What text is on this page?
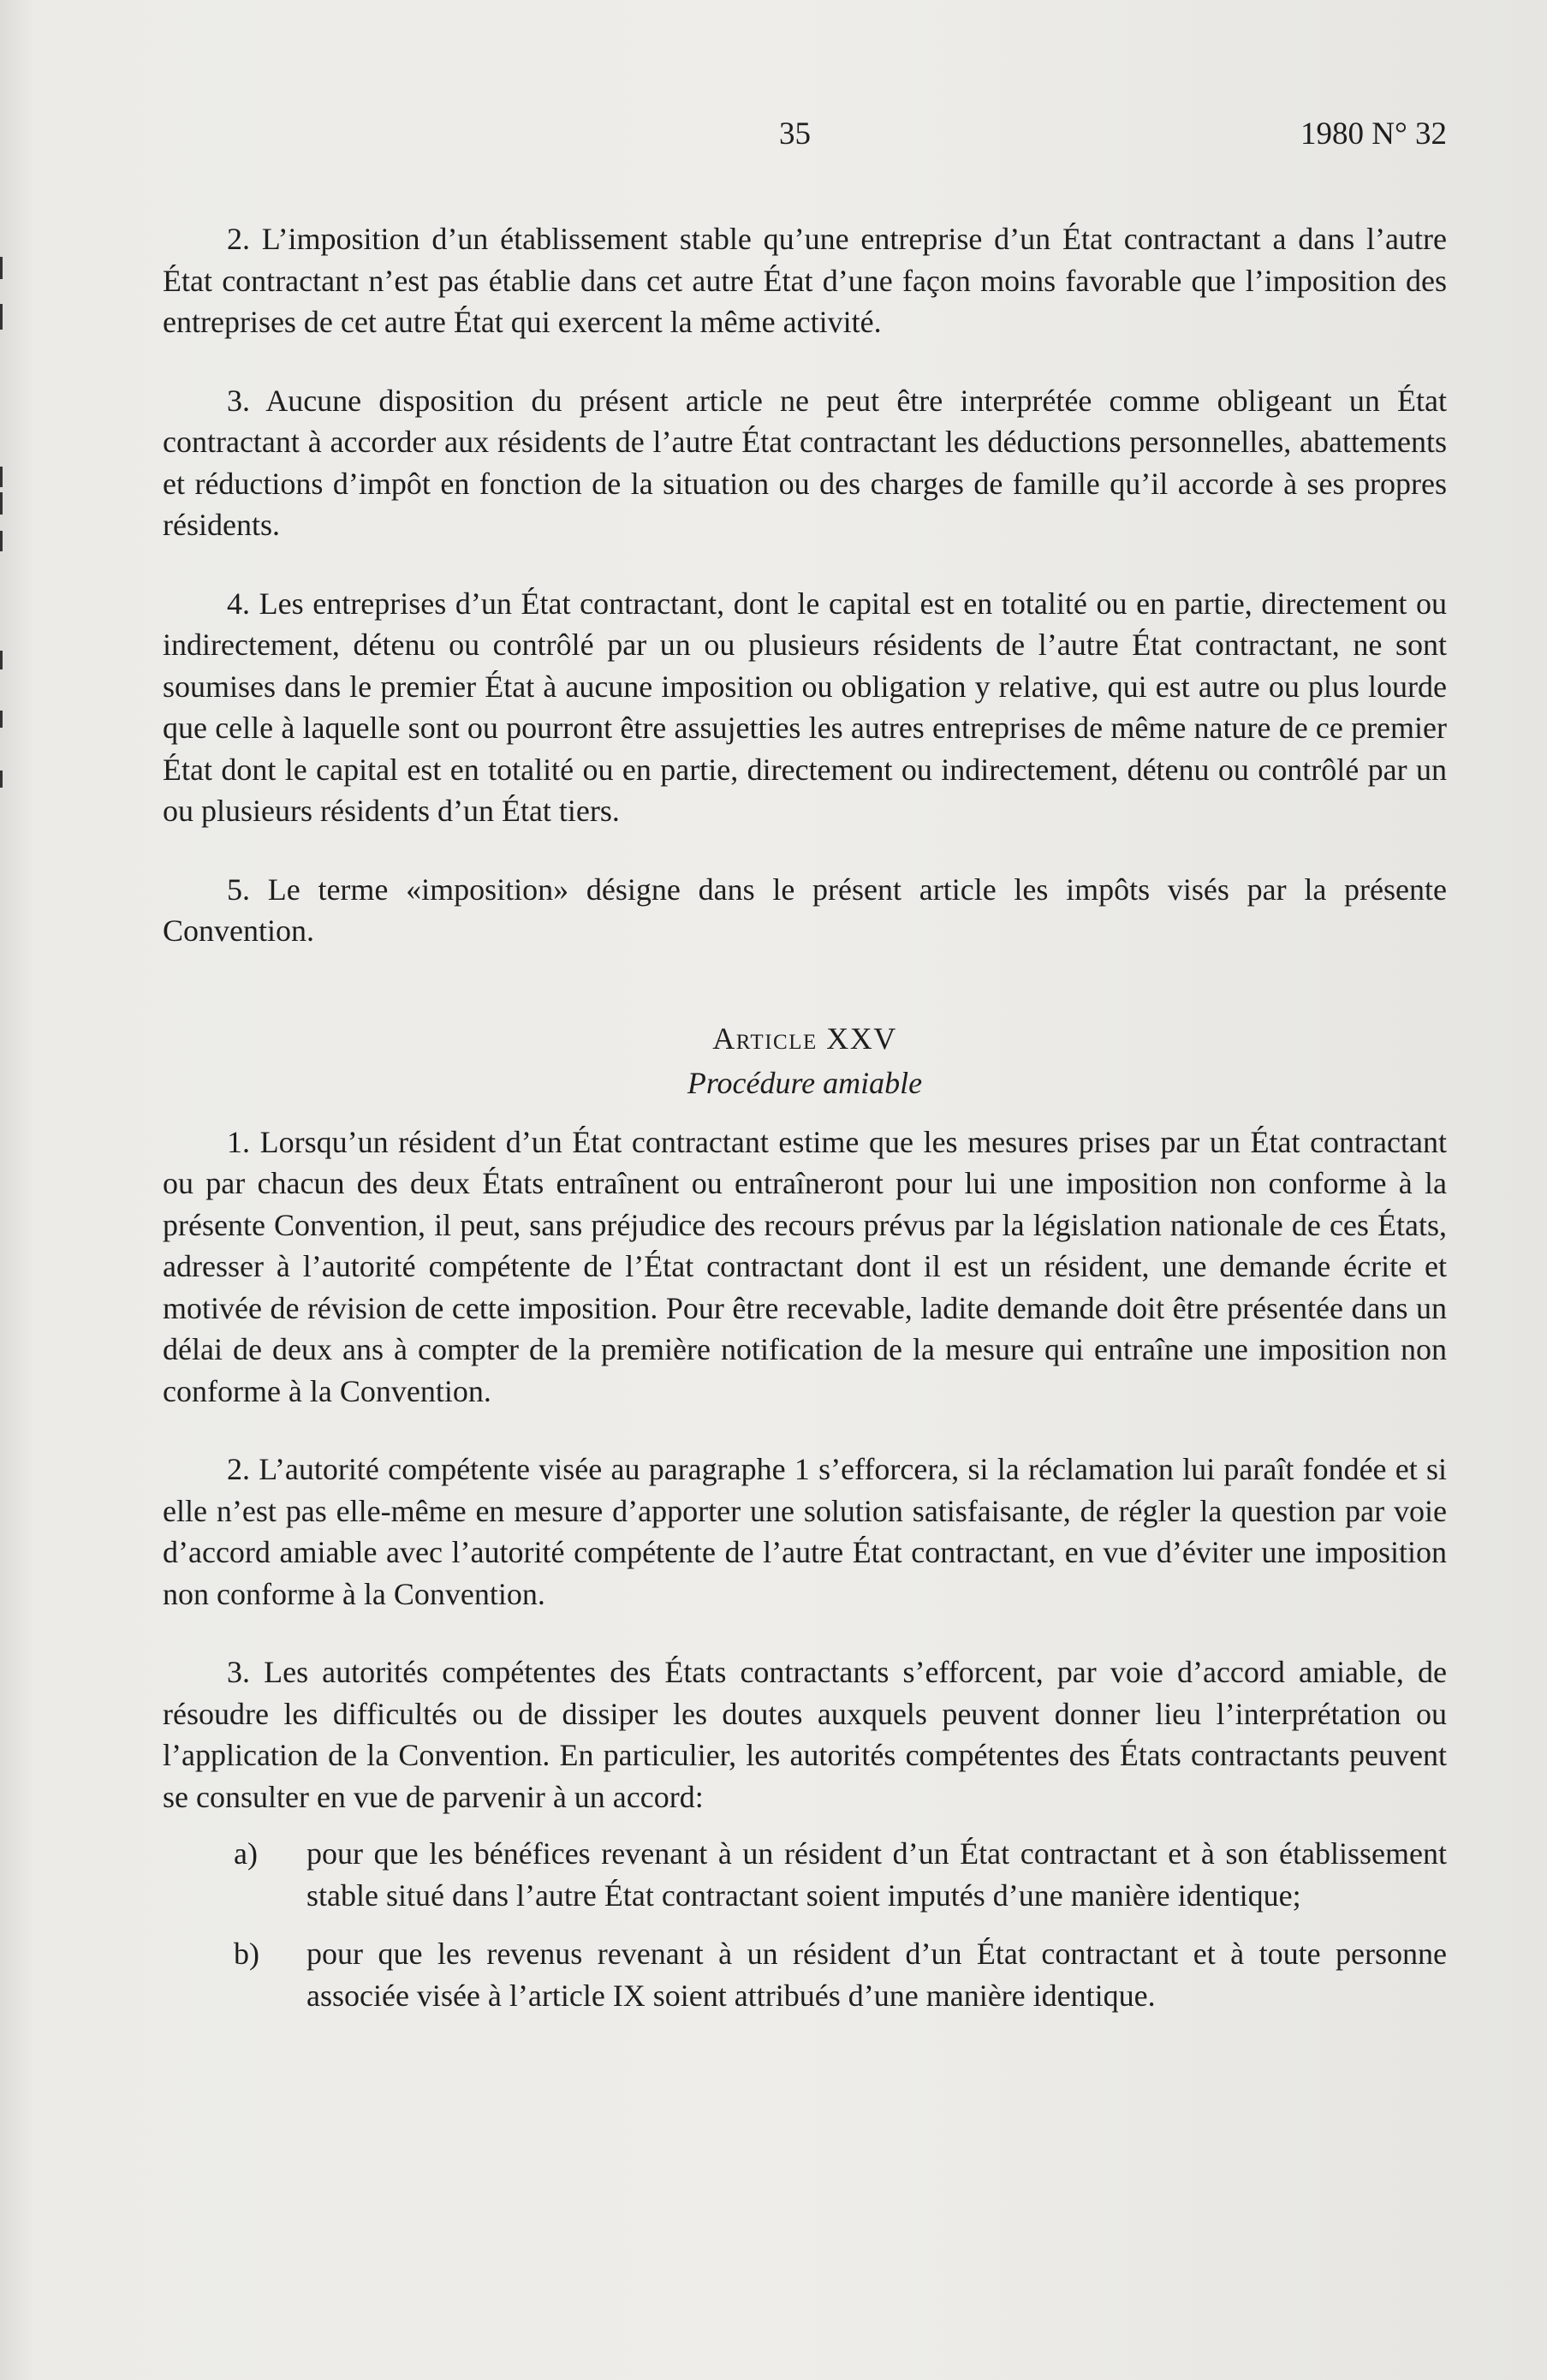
35	1980 N° 32

2. L’imposition d’un établissement stable qu’une entreprise d’un État contractant a dans l’autre État contractant n’est pas établie dans cet autre État d’une façon moins favorable que l’imposition des entreprises de cet autre État qui exercent la même activité.

3. Aucune disposition du présent article ne peut être interprétée comme obligeant un État contractant à accorder aux résidents de l’autre État contractant les déductions personnelles, abattements et réductions d’impôt en fonction de la situation ou des charges de famille qu’il accorde à ses propres résidents.

4. Les entreprises d’un État contractant, dont le capital est en totalité ou en partie, directement ou indirectement, détenu ou contrôlé par un ou plusieurs résidents de l’autre État contractant, ne sont soumises dans le premier État à aucune imposition ou obligation y relative, qui est autre ou plus lourde que celle à laquelle sont ou pourront être assujetties les autres entreprises de même nature de ce premier État dont le capital est en totalité ou en partie, directement ou indirectement, détenu ou contrôlé par un ou plusieurs résidents d’un État tiers.

5. Le terme «imposition» désigne dans le présent article les impôts visés par la présente Convention.

Article XXV

Procédure amiable

1. Lorsqu’un résident d’un État contractant estime que les mesures prises par un État contractant ou par chacun des deux États entraînent ou entraîneront pour lui une imposition non conforme à la présente Convention, il peut, sans préjudice des recours prévus par la législation nationale de ces États, adresser à l’autorité compétente de l’État contractant dont il est un résident, une demande écrite et motivée de révision de cette imposition. Pour être recevable, ladite demande doit être présentée dans un délai de deux ans à compter de la première notification de la mesure qui entraîne une imposition non conforme à la Convention.

2. L’autorité compétente visée au paragraphe 1 s’efforcera, si la réclamation lui paraît fondée et si elle n’est pas elle-même en mesure d’apporter une solution satisfaisante, de régler la question par voie d’accord amiable avec l’autorité compétente de l’autre État contractant, en vue d’éviter une imposition non conforme à la Convention.

3. Les autorités compétentes des États contractants s’efforcent, par voie d’accord amiable, de résoudre les difficultés ou de dissiper les doutes auxquels peuvent donner lieu l’interprétation ou l’application de la Convention. En particulier, les autorités compétentes des États contractants peuvent se consulter en vue de parvenir à un accord:

a)	pour que les bénéfices revenant à un résident d’un État contractant et à son établissement stable situé dans l’autre État contractant soient imputés d’une manière identique;
b)	pour que les revenus revenant à un résident d’un État contractant et à toute personne associée visée à l’article IX soient attribués d’une manière identique.
